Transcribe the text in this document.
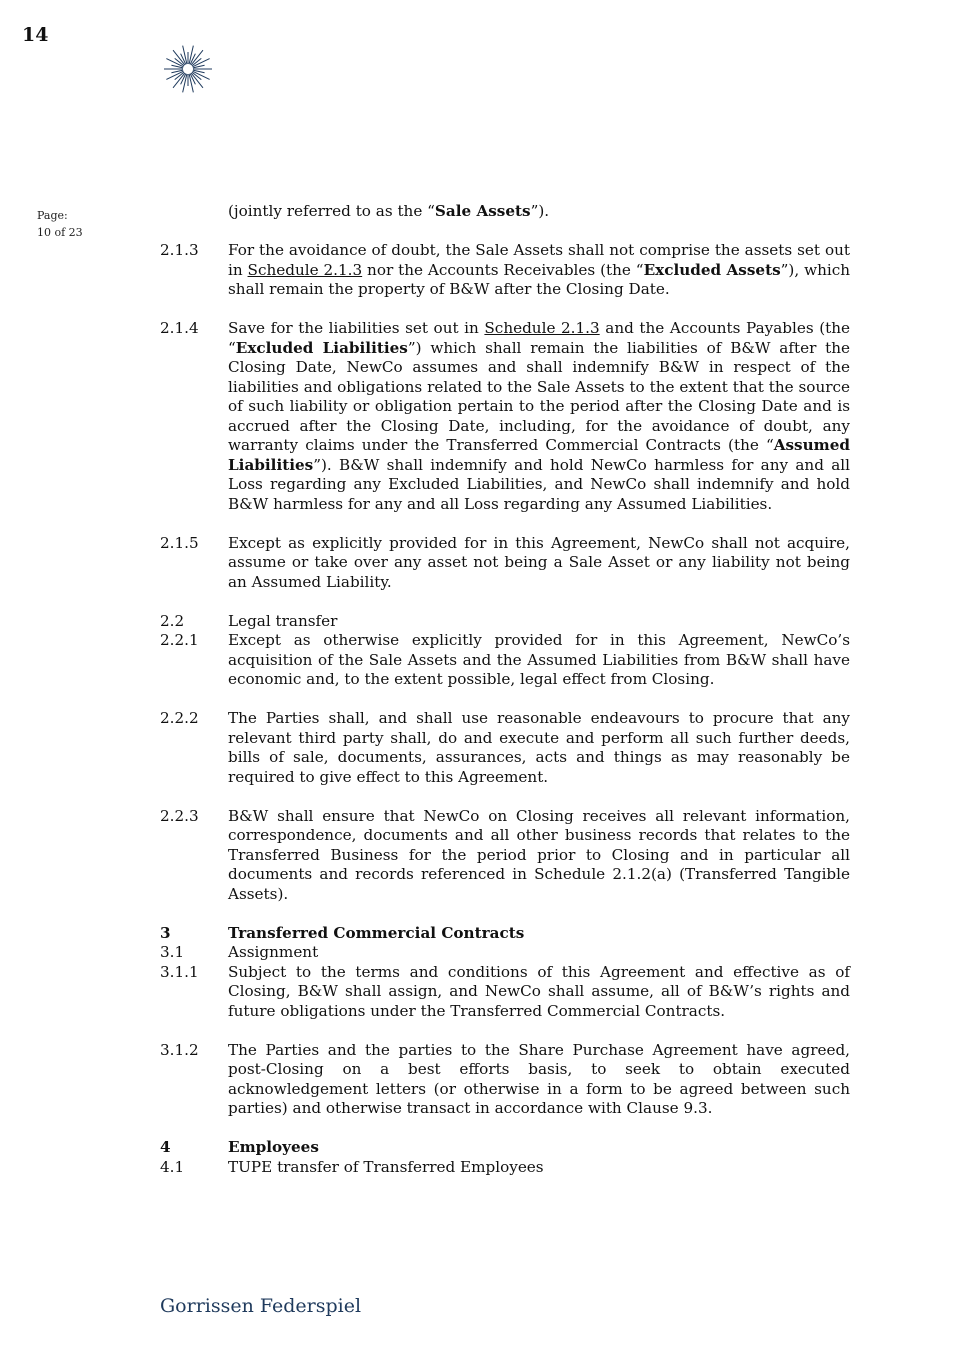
14
Page:
10 of 23
(jointly referred to as the “Sale Assets”).
2.1.3	For the avoidance of doubt, the Sale Assets shall not comprise the assets set out in Schedule 2.1.3 nor the Accounts Receivables (the “Excluded Assets”), which shall remain the property of B&W after the Closing Date.
2.1.4	Save for the liabilities set out in Schedule 2.1.3 and the Accounts Payables (the “Excluded Liabilities”) which shall remain the liabilities of B&W after the Closing Date, NewCo assumes and shall indemnify B&W in respect of the liabilities and obligations related to the Sale Assets to the extent that the source of such liability or obligation pertain to the period after the Closing Date and is accrued after the Closing Date, including, for the avoidance of doubt, any warranty claims under the Transferred Commercial Contracts (the “Assumed Liabilities”). B&W shall indemnify and hold NewCo harmless for any and all Loss regarding any Excluded Liabilities, and NewCo shall indemnify and hold B&W harmless for any and all Loss regarding any Assumed Liabilities.
2.1.5	Except as explicitly provided for in this Agreement, NewCo shall not acquire, assume or take over any asset not being a Sale Asset or any liability not being an Assumed Liability.
2.2	Legal transfer
2.2.1	Except as otherwise explicitly provided for in this Agreement, NewCo’s acquisition of the Sale Assets and the Assumed Liabilities from B&W shall have economic and, to the extent possible, legal effect from Closing.
2.2.2	The Parties shall, and shall use reasonable endeavours to procure that any relevant third party shall, do and execute and perform all such further deeds, bills of sale, documents, assurances, acts and things as may reasonably be required to give effect to this Agreement.
2.2.3	B&W shall ensure that NewCo on Closing receives all relevant information, correspondence, documents and all other business records that relates to the Transferred Business for the period prior to Closing and in particular all documents and records referenced in Schedule 2.1.2(a) (Transferred Tangible Assets).
3	Transferred Commercial Contracts
3.1	Assignment
3.1.1	Subject to the terms and conditions of this Agreement and effective as of Closing, B&W shall assign, and NewCo shall assume, all of B&W’s rights and future obligations under the Transferred Commercial Contracts.
3.1.2	The Parties and the parties to the Share Purchase Agreement have agreed, post-Closing on a best efforts basis, to seek to obtain executed acknowledgement letters (or otherwise in a form to be agreed between such parties) and otherwise transact in accordance with Clause 9.3.
4	Employees
4.1	TUPE transfer of Transferred Employees
Gorrissen Federspiel
